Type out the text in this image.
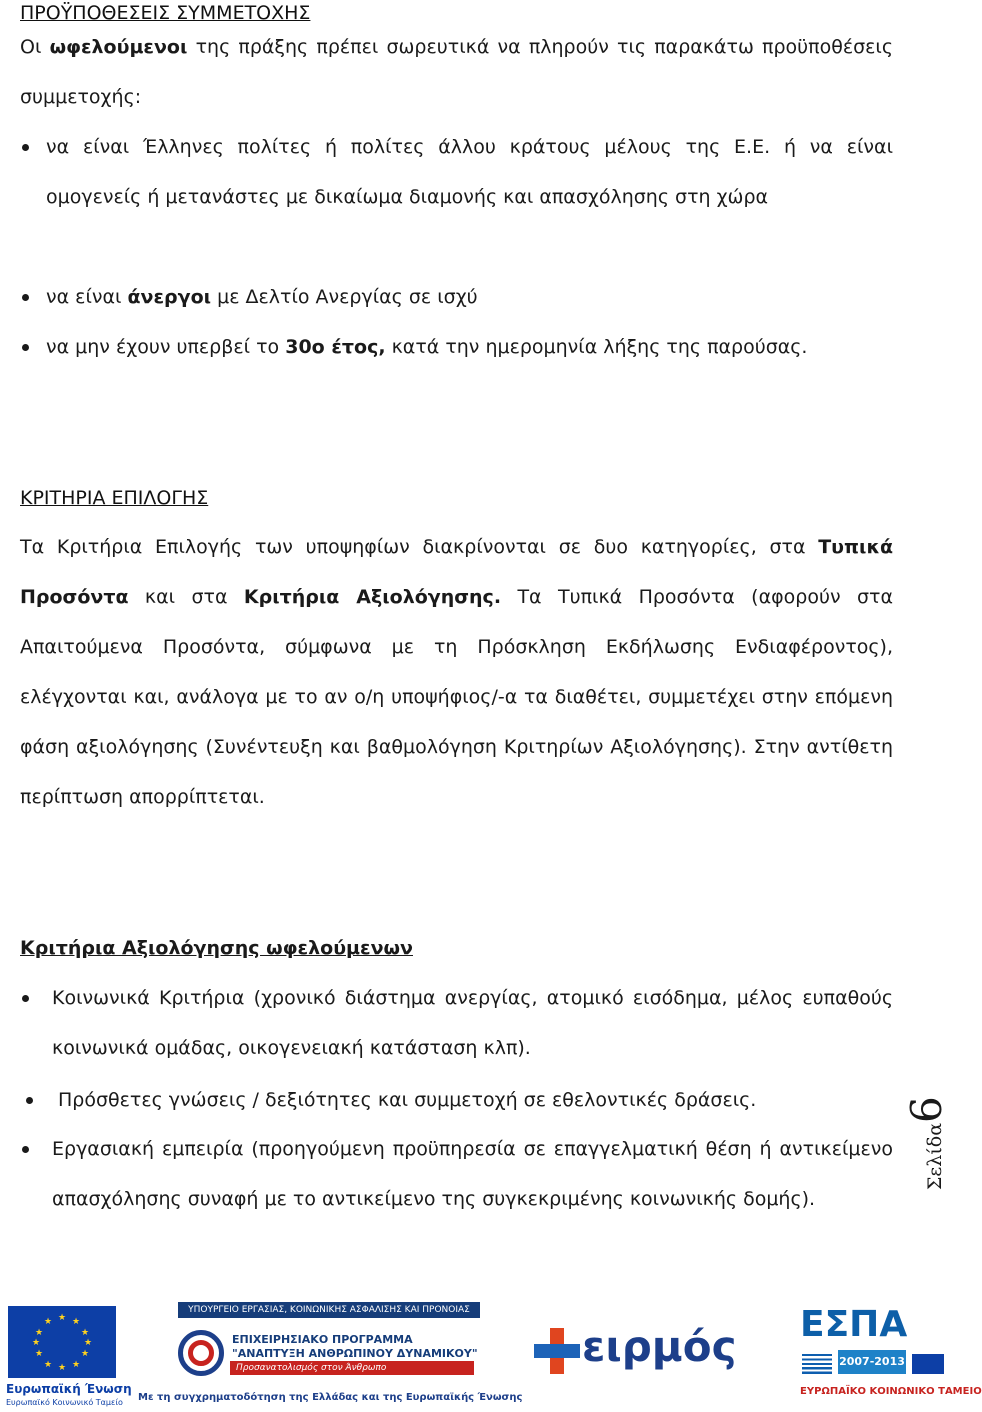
ΠΡΟΫΠΟΘΕΣΕΙΣ ΣΥΜΜΕΤΟΧΗΣ
Οι ωφελούμενοι της πράξης πρέπει σωρευτικά να πληρούν τις παρακάτω προϋποθέσεις συμμετοχής:
να είναι Έλληνες πολίτες ή πολίτες άλλου κράτους μέλους της Ε.Ε. ή να είναι ομογενείς ή μετανάστες με δικαίωμα διαμονής και απασχόλησης στη χώρα
να είναι άνεργοι με Δελτίο Ανεργίας σε ισχύ
να μην έχουν υπερβεί το 30ο έτος, κατά την ημερομηνία λήξης της παρούσας.
ΚΡΙΤΗΡΙΑ ΕΠΙΛΟΓΗΣ
Τα Κριτήρια Επιλογής των υποψηφίων διακρίνονται σε δυο κατηγορίες, στα Τυπικά Προσόντα και στα Κριτήρια Αξιολόγησης. Τα Τυπικά Προσόντα (αφορούν στα Απαιτούμενα Προσόντα, σύμφωνα με τη Πρόσκληση Εκδήλωσης Ενδιαφέροντος), ελέγχονται και, ανάλογα με το αν ο/η υποψήφιος/-α τα διαθέτει, συμμετέχει στην επόμενη φάση αξιολόγησης (Συνέντευξη και βαθμολόγηση Κριτηρίων Αξιολόγησης). Στην αντίθετη περίπτωση απορρίπτεται.
Κριτήρια Αξιολόγησης ωφελούμενων
Κοινωνικά Κριτήρια (χρονικό διάστημα ανεργίας, ατομικό εισόδημα, μέλος ευπαθούς κοινωνικά ομάδας, οικογενειακή κατάσταση κλπ).
Πρόσθετες γνώσεις / δεξιότητες και συμμετοχή σε εθελοντικές δράσεις.
Εργασιακή εμπειρία (προηγούμενη προϋπηρεσία σε επαγγελματική θέση ή αντικείμενο απασχόλησης συναφή με το αντικείμενο της συγκεκριμένης κοινωνικής δομής).
Σελίδα6
★ ★
★
★
★
★
★
★
★
★
★
★
Ευρωπαϊκή Ένωση
Ευρωπαϊκό Κοινωνικό Ταμείο
ΥΠΟΥΡΓΕΙΟ ΕΡΓΑΣΙΑΣ, ΚΟΙΝΩΝΙΚΗΣ ΑΣΦΑΛΙΣΗΣ ΚΑΙ ΠΡΟΝΟΙΑΣ
ΕΠΙΧΕΙΡΗΣΙΑΚΟ ΠΡΟΓΡΑΜΜΑ
"ΑΝΑΠΤΥΞΗ ΑΝΘΡΩΠΙΝΟΥ ΔΥΝΑΜΙΚΟΥ"
Προσανατολισμός στον Άνθρωπο
Με τη συγχρηματοδότηση της Ελλάδας και της Ευρωπαϊκής Ένωσης
ειρμός ΕΣΠΑ
2007-2013
ΕΥΡΩΠΑΪΚΟ ΚΟΙΝΩΝΙΚΟ ΤΑΜΕΙΟ
